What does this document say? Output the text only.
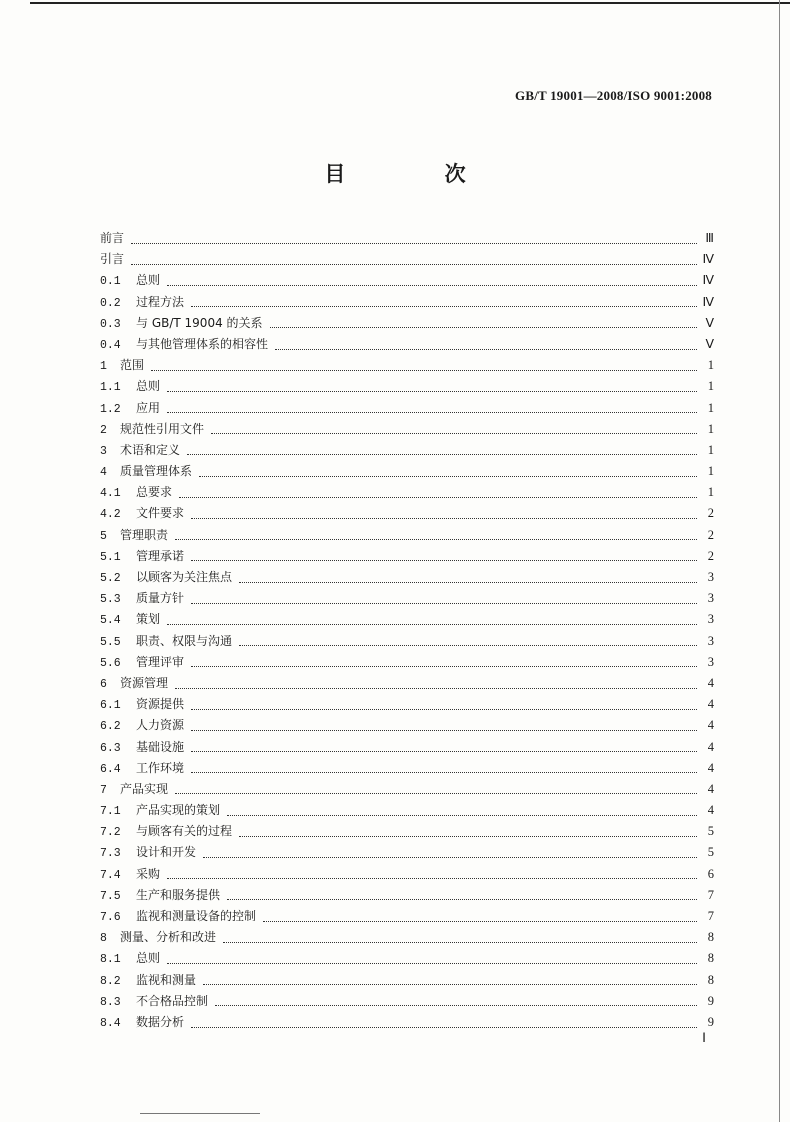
GB/T 19001—2008/ISO 9001:2008
目 次
前言	Ⅲ
引言	Ⅳ
0.1	总则	Ⅳ
0.2	过程方法	Ⅳ
0.3	与 GB/T 19004 的关系	Ⅴ
0.4	与其他管理体系的相容性	Ⅴ
1	范围	1
1.1	总则	1
1.2	应用	1
2	规范性引用文件	1
3	术语和定义	1
4	质量管理体系	1
4.1	总要求	1
4.2	文件要求	2
5	管理职责	2
5.1	管理承诺	2
5.2	以顾客为关注焦点	3
5.3	质量方针	3
5.4	策划	3
5.5	职责、权限与沟通	3
5.6	管理评审	3
6	资源管理	4
6.1	资源提供	4
6.2	人力资源	4
6.3	基础设施	4
6.4	工作环境	4
7	产品实现	4
7.1	产品实现的策划	4
7.2	与顾客有关的过程	5
7.3	设计和开发	5
7.4	采购	6
7.5	生产和服务提供	7
7.6	监视和测量设备的控制	7
8	测量、分析和改进	8
8.1	总则	8
8.2	监视和测量	8
8.3	不合格品控制	9
8.4	数据分析	9
Ⅰ
